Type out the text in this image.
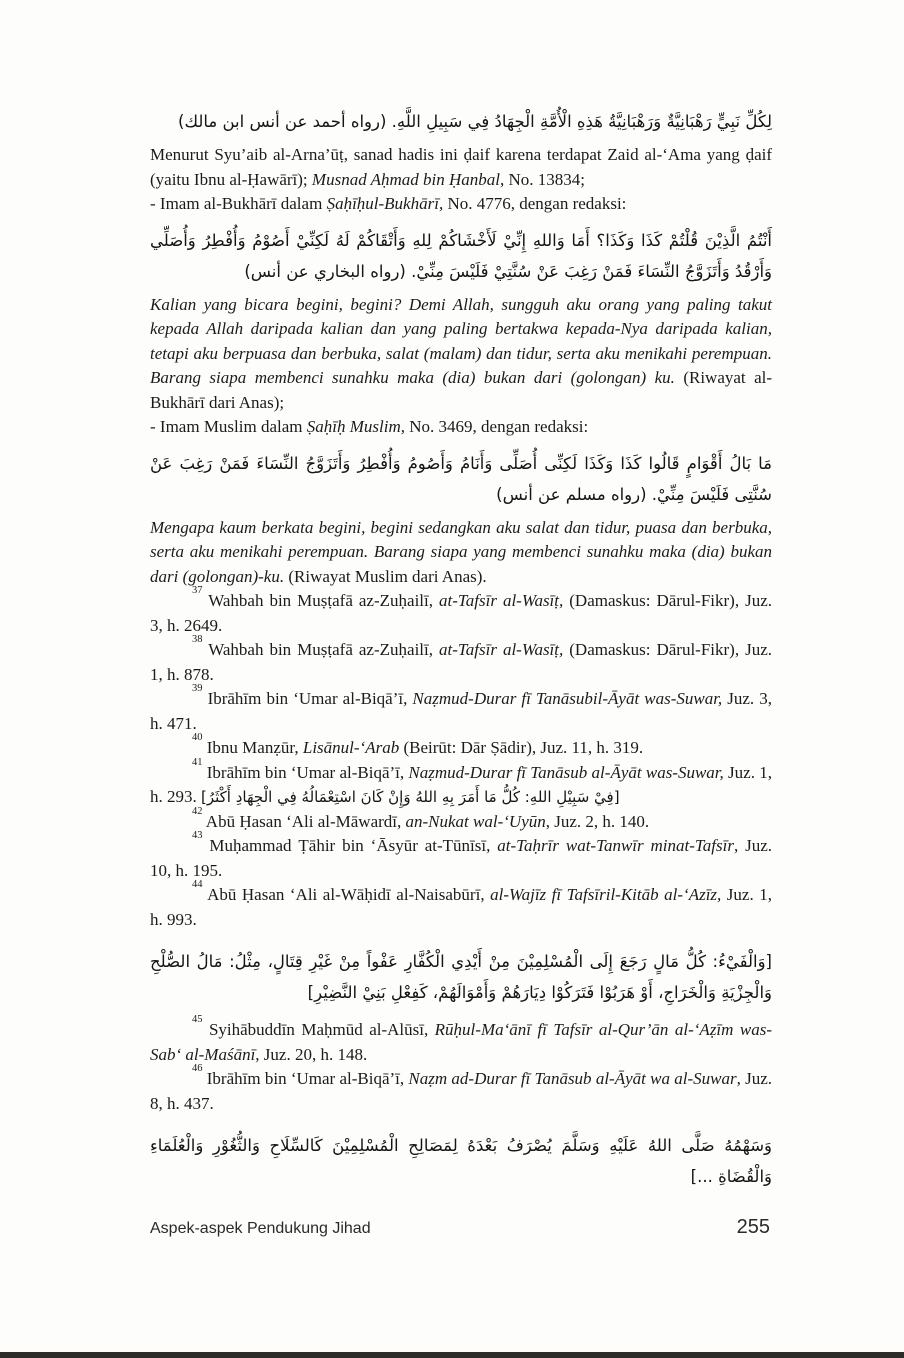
لِكُلِّ نَبِيٍّ رَهْبَانِيَّةٌ وَرَهْبَانِيَّةُ هَذِهِ الْأُمَّةِ الْجِهَادُ فِي سَبِيلِ اللَّهِ. (رواه أحمد عن أنس ابن مالك)

Menurut Syu’aib al-Arna’ūṭ, sanad hadis ini ḍaif karena terdapat Zaid al-‘Ama yang ḍaif (yaitu Ibnu al-Ḥawārī); Musnad Aḥmad bin Ḥanbal, No. 13834;

- Imam al-Bukhārī dalam Ṣaḥīḥul-Bukhārī, No. 4776, dengan redaksi:

أَنْتُمُ الَّذِيْنَ قُلْتُمْ كَذَا وَكَذَا؟ أَمَا وَاللهِ إِنِّيْ لَأَخْشَاكُمْ لِلهِ وَأَتْقَاكُمْ لَهُ لَكِنِّيْ أَصُوْمُ وَأُفْطِرُ وَأُصَلِّي وَأَرْقُدُ وَأَتَزَوَّجُ النِّسَاءَ فَمَنْ رَغِبَ عَنْ سُنَّتِيْ فَلَيْسَ مِنِّيْ. (رواه البخاري عن أنس)

Kalian yang bicara begini, begini? Demi Allah, sungguh aku orang yang paling takut kepada Allah daripada kalian dan yang paling bertakwa kepada-Nya daripada kalian, tetapi aku berpuasa dan berbuka, salat (malam) dan tidur, serta aku menikahi perempuan. Barang siapa membenci sunahku maka (dia) bukan dari (golongan) ku. (Riwayat al-Bukhārī dari Anas);

- Imam Muslim dalam Ṣaḥīḥ Muslim, No. 3469, dengan redaksi:

مَا بَالُ أَقْوَامٍ قَالُوا كَذَا وَكَذَا لَكِنِّى أُصَلِّى وَأَنَامُ وَأَصُومُ وَأُفْطِرُ وَأَتَزَوَّجُ النِّسَاءَ فَمَنْ رَغِبَ عَنْ سُنَّتِى فَلَيْسَ مِنِّيْ. (رواه مسلم عن أنس)

Mengapa kaum berkata begini, begini sedangkan aku salat dan tidur, puasa dan berbuka, serta aku menikahi perempuan. Barang siapa yang membenci sunahku maka (dia) bukan dari (golongan)-ku. (Riwayat Muslim dari Anas).

$^{37}$ Wahbah bin Muṣṭafā az-Zuḥailī, at-Tafsīr al-Wasīṭ, (Damaskus: Dārul-Fikr), Juz. 3, h. 2649.

$^{38}$ Wahbah bin Muṣṭafā az-Zuḥailī, at-Tafsīr al-Wasīṭ, (Damaskus: Dārul-Fikr), Juz. 1, h. 878.

$^{39}$ Ibrāhīm bin ‘Umar al-Biqā’ī, Naẓmud-Durar fī Tanāsubil-Āyāt was-Suwar, Juz. 3, h. 471.

$^{40}$ Ibnu Manẓūr, Lisānul-‘Arab (Beirūt: Dār Ṣādir), Juz. 11, h. 319.

$^{41}$ Ibrāhīm bin ‘Umar al-Biqā’ī, Naẓmud-Durar fī Tanāsub al-Āyāt was-Suwar, Juz. 1, h. 293. [فِيْ سَبِيْلِ اللهِ: كُلُّ مَا أَمَرَ بِهِ اللهُ وَإِنْ كَانَ اسْتِعْمَالُهُ فِي الْجِهَادِ أَكْثَرُ]

$^{42}$ Abū Ḥasan ‘Ali al-Māwardī, an-Nukat wal-‘Uyūn, Juz. 2, h. 140.

$^{43}$ Muḥammad Ṭāhir bin ‘Āsyūr at-Tūnīsī, at-Taḥrīr wat-Tanwīr minat-Tafsīr, Juz. 10, h. 195.

$^{44}$ Abū Ḥasan ‘Ali al-Wāḥidī al-Naisabūrī, al-Wajīz fī Tafsīril-Kitāb al-‘Azīz, Juz. 1, h. 993.

[وَالْفَيْءُ: كُلُّ مَالٍ رَجَعَ إِلَى الْمُسْلِمِيْنَ مِنْ أَيْدِي الْكُفَّارِ عَفْواً مِنْ غَيْرِ قِتَالٍ، مِثْلُ: مَالُ الصُّلْحِ وَالْجِزْيَةِ وَالْخَرَاجِ، أَوْ هَرَبُوْا فَتَرَكُوْا دِيَارَهُمْ وَأَمْوَالَهُمْ، كَفِعْلِ بَنِيْ النَّضِيْرِ]

$^{45}$ Syihābuddīn Maḥmūd al-Alūsī, Rūḥul-Ma‘ānī fī Tafsīr al-Qur’ān al-‘Aẓīm was-Sab‘ al-Maśānī, Juz. 20, h. 148.

$^{46}$ Ibrāhīm bin ‘Umar al-Biqā’ī, Naẓm ad-Durar fī Tanāsub al-Āyāt wa al-Suwar, Juz. 8, h. 437.

وَسَهْمُهُ صَلَّى اللهُ عَلَيْهِ وَسَلَّمَ يُصْرَفُ بَعْدَهُ لِمَصَالِحِ الْمُسْلِمِيْنَ كَالسِّلَاحِ وَالثُّغُوْرِ وَالْعُلَمَاءِ وَالْقُضَاةِ ...]

Aspek-aspek Pendukung Jihad	255
